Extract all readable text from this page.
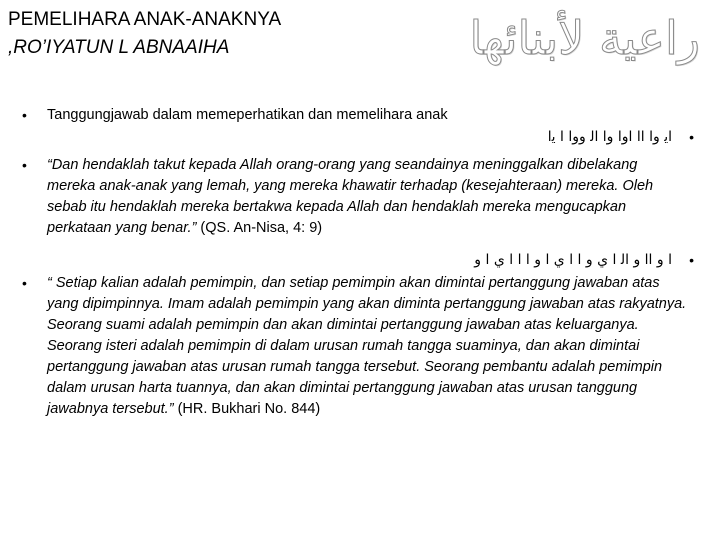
PEMELIHARA ANAK-ANAKNYA
,RO’IYATUN L ABNAAIHA	راعية لأبنائها
• Tanggungjawab dalam memeperhatikan dan memelihara anak
ﺍﻳ ﻭﺍ ﺍﺍ ﺍﻭﺍ ﻭﺍ ﺍﻟ ﻭﻭﺍ ﺍ ﻳﺍ •
• “Dan hendaklah takut kepada Allah orang-orang yang seandainya meninggalkan dibelakang mereka anak-anak yang lemah, yang mereka khawatir terhadap (kesejahteraan) mereka. Oleh sebab itu hendaklah mereka bertakwa kepada Allah dan hendaklah mereka mengucapkan perkataan yang benar.” (QS. An-Nisa, 4: 9)
ﺍ ﻭ ﺍﺍ ﻭ ﺍﻟ ﺍ ﻱ ﻭ ﺍ ﺍ ﻱ ﺍ ﻭ ﺍ ﺍ ﺍ ﻱ ﺍ ﻭ •
• “ Setiap kalian adalah pemimpin, dan setiap pemimpin akan dimintai pertanggung jawaban atas yang dipimpinnya. Imam adalah pemimpin yang akan diminta pertanggung jawaban atas rakyatnya. Seorang suami adalah pemimpin dan akan dimintai pertanggung jawaban atas keluarganya. Seorang isteri adalah pemimpin di dalam urusan rumah tangga suaminya, dan akan dimintai pertanggung jawaban atas urusan rumah tangga tersebut. Seorang pembantu adalah pemimpin dalam urusan harta tuannya, dan akan dimintai pertanggung jawaban atas urusan tanggung jawabnya tersebut.” (HR. Bukhari No. 844)
